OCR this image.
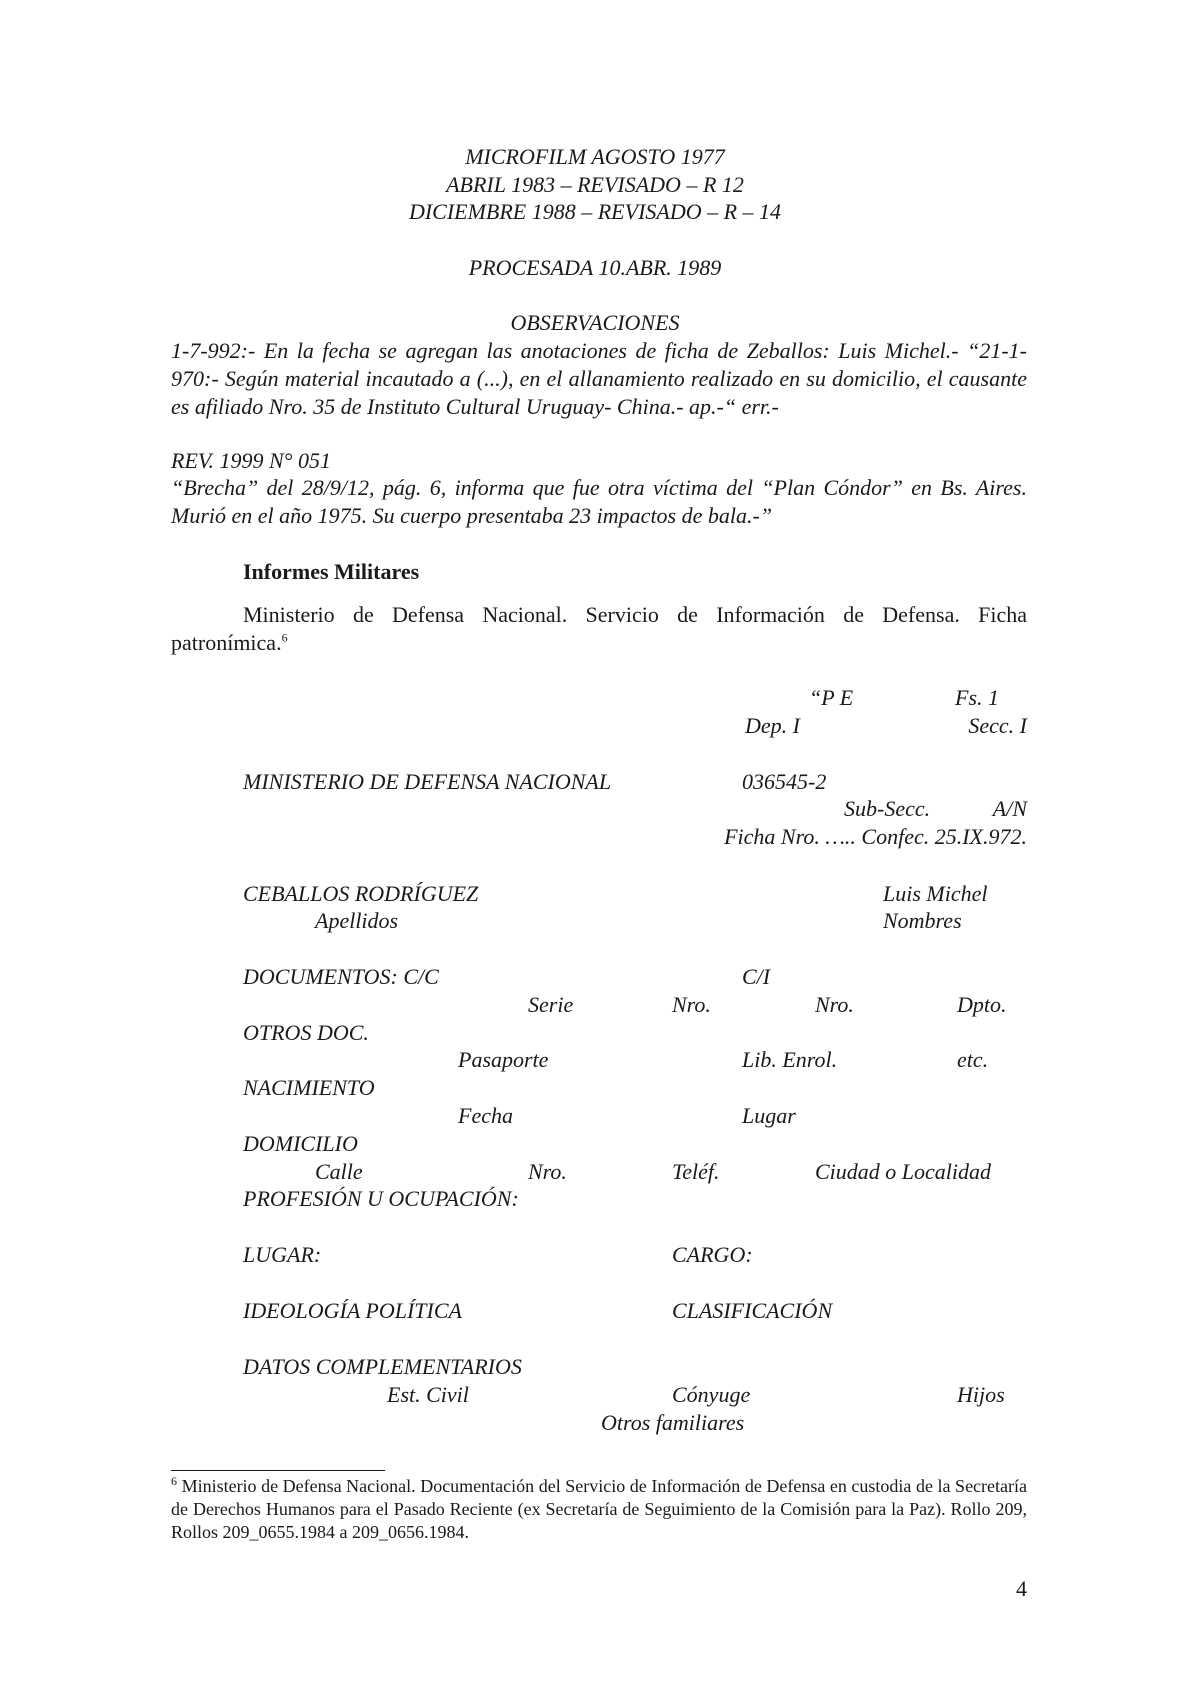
MICROFILM AGOSTO 1977
ABRIL 1983 – REVISADO – R 12
DICIEMBRE 1988 – REVISADO – R – 14
PROCESADA 10.ABR. 1989
OBSERVACIONES
1-7-992:- En la fecha se agregan las anotaciones de ficha de Zeballos: Luis Michel.- “21-1-970:- Según material incautado a (...), en el allanamiento realizado en su domicilio, el causante es afiliado Nro. 35 de Instituto Cultural Uruguay- China.- ap.-“ err.-
REV. 1999 N° 051
“Brecha” del 28/9/12, pág. 6, informa que fue otra víctima del “Plan Cóndor” en Bs. Aires. Murió en el año 1975. Su cuerpo presentaba 23 impactos de bala.-”
Informes Militares
Ministerio de Defensa Nacional. Servicio de Información de Defensa. Ficha patronímica.$^6$
“P E	Fs. 1
Dep. I	Secc. I
MINISTERIO DE DEFENSA NACIONAL	036545-2
Sub-Secc.	A/N
Ficha Nro. ….. Confec. 25.IX.972.
CEBALLOS RODRÍGUEZ	Luis Michel
Apellidos	Nombres
DOCUMENTOS: C/C	C/I
Serie	Nro.	Nro.	Dpto.
OTROS DOC.
Pasaporte	Lib. Enrol.	etc.
NACIMIENTO
Fecha	Lugar
DOMICILIO
Calle	Nro.	Teléf.	Ciudad o Localidad
PROFESIÓN U OCUPACIÓN:
LUGAR:	CARGO:
IDEOLOGÍA POLÍTICA	CLASIFICACIÓN
DATOS COMPLEMENTARIOS
Est. Civil	Cónyuge	Hijos
Otros familiares
$^6$ Ministerio de Defensa Nacional. Documentación del Servicio de Información de Defensa en custodia de la Secretaría de Derechos Humanos para el Pasado Reciente (ex Secretaría de Seguimiento de la Comisión para la Paz). Rollo 209, Rollos 209_0655.1984 a 209_0656.1984.
4
